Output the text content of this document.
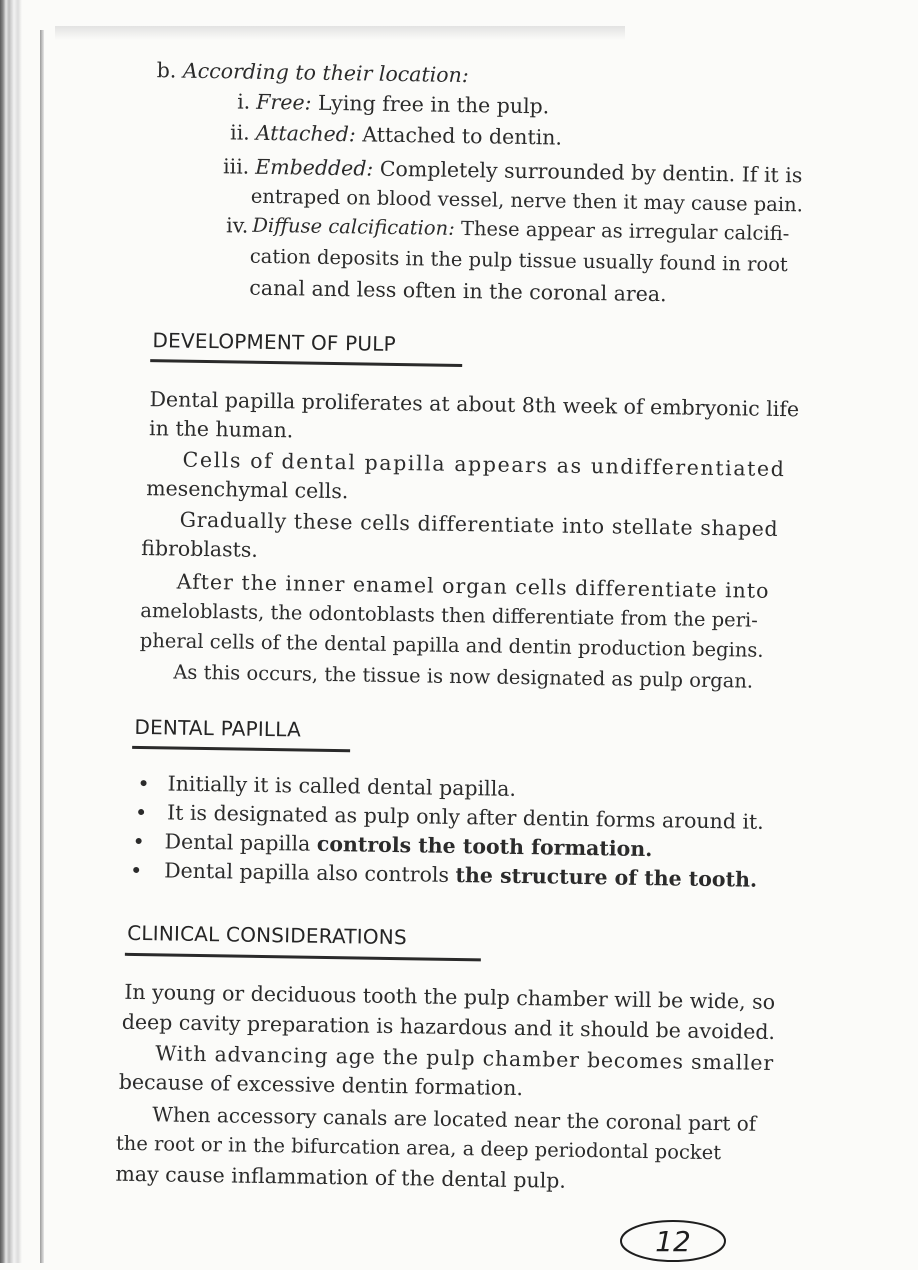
b. According to their location:
i. Free: Lying free in the pulp.
ii. Attached: Attached to dentin.
iii. Embedded: Completely surrounded by dentin. If it is
entraped on blood vessel, nerve then it may cause pain.
iv. Diffuse calcification: These appear as irregular calcifi-
cation deposits in the pulp tissue usually found in root
canal and less often in the coronal area.
DEVELOPMENT OF PULP
Dental papilla proliferates at about 8th week of embryonic life
in the human.
Cells of dental papilla appears as undifferentiated
mesenchymal cells.
Gradually these cells differentiate into stellate shaped
fibroblasts.
After the inner enamel organ cells differentiate into
ameloblasts, the odontoblasts then differentiate from the peri-
pheral cells of the dental papilla and dentin production begins.
As this occurs, the tissue is now designated as pulp organ.
DENTAL PAPILLA
Initially it is called dental papilla.
It is designated as pulp only after dentin forms around it.
Dental papilla controls the tooth formation.
Dental papilla also controls the structure of the tooth.
CLINICAL CONSIDERATIONS
In young or deciduous tooth the pulp chamber will be wide, so
deep cavity preparation is hazardous and it should be avoided.
With advancing age the pulp chamber becomes smaller
because of excessive dentin formation.
When accessory canals are located near the coronal part of
the root or in the bifurcation area, a deep periodontal pocket
may cause inflammation of the dental pulp.
12
